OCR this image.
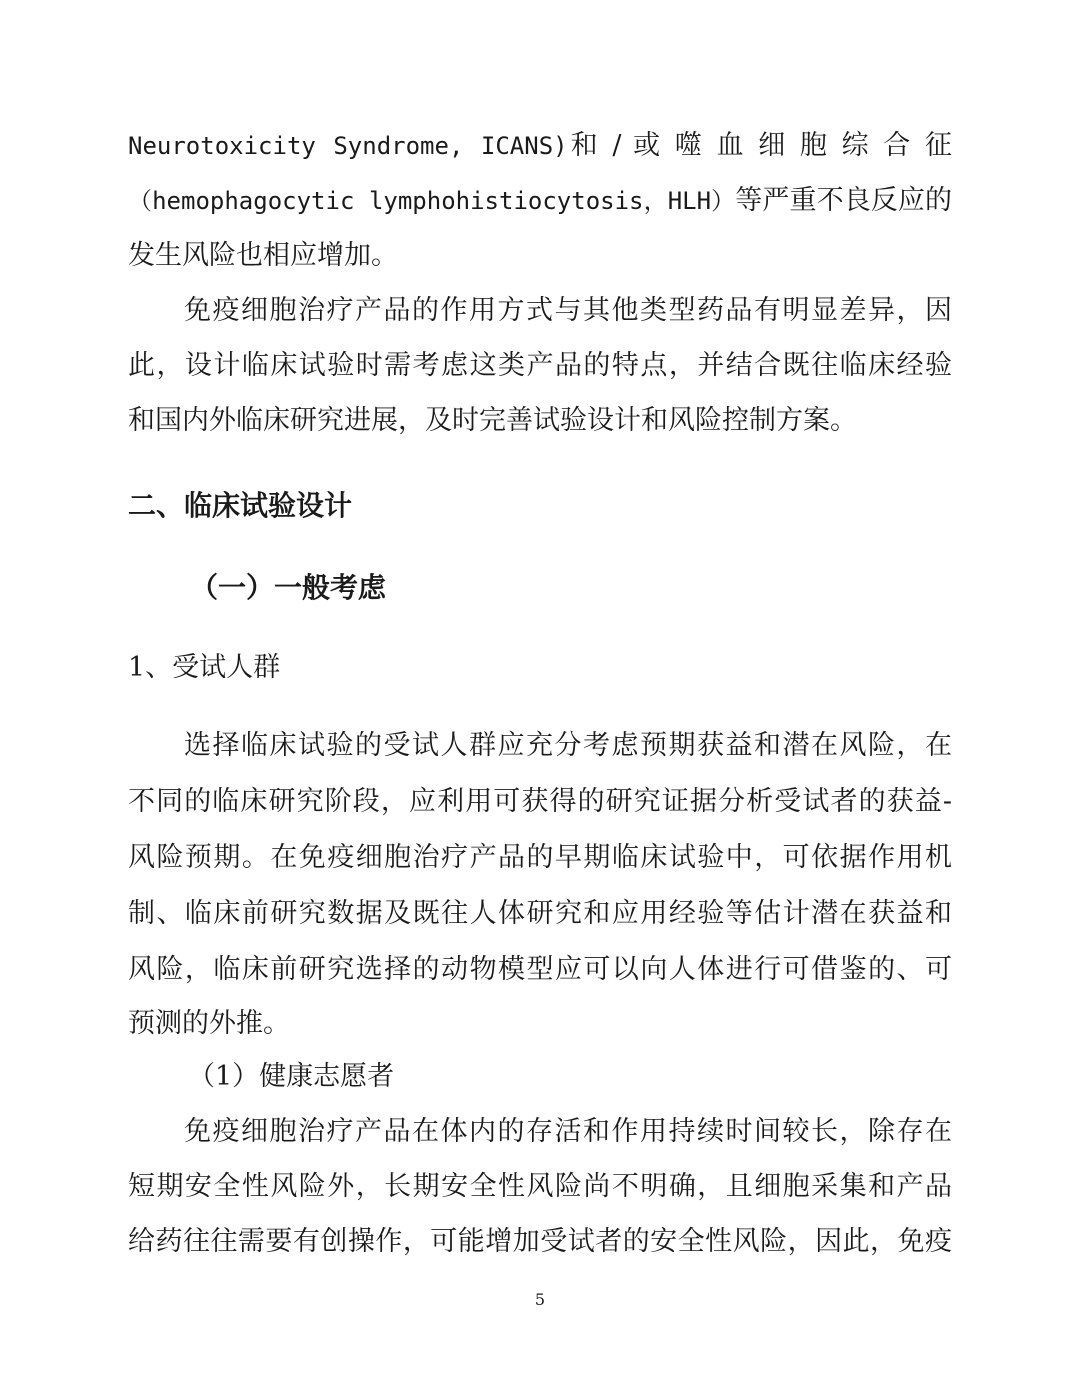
Neurotoxicity Syndrome, ICANS)和 / 或 噬 血 细 胞 综 合 征
（hemophagocytic lymphohistiocytosis，HLH）等严重不良反应的
发生风险也相应增加。
免疫细胞治疗产品的作用方式与其他类型药品有明显差异，因
此，设计临床试验时需考虑这类产品的特点，并结合既往临床经验
和国内外临床研究进展，及时完善试验设计和风险控制方案。
二、临床试验设计
（一）一般考虑
1、受试人群
选择临床试验的受试人群应充分考虑预期获益和潜在风险，在
不同的临床研究阶段，应利用可获得的研究证据分析受试者的获益-
风险预期。在免疫细胞治疗产品的早期临床试验中，可依据作用机
制、临床前研究数据及既往人体研究和应用经验等估计潜在获益和
风险，临床前研究选择的动物模型应可以向人体进行可借鉴的、可
预测的外推。
（1）健康志愿者
免疫细胞治疗产品在体内的存活和作用持续时间较长，除存在
短期安全性风险外，长期安全性风险尚不明确，且细胞采集和产品
给药往往需要有创操作，可能增加受试者的安全性风险，因此，免疫
5
